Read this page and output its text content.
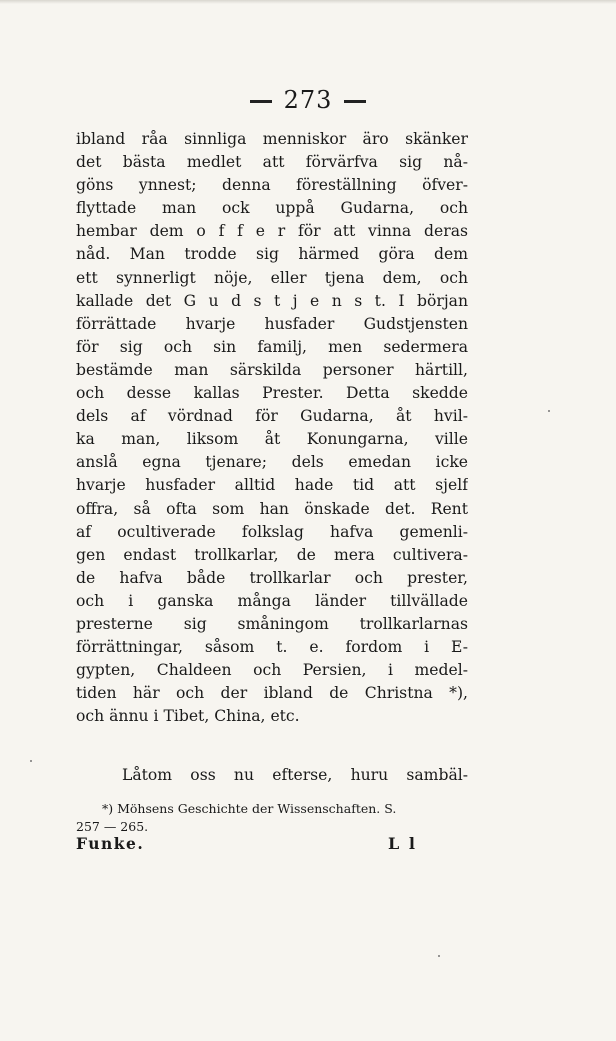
273
ibland råa sinnliga menniskor äro skänker
det bästa medlet att förvärfva sig nå-
göns ynnest; denna föreställning öfver-
flyttade man ock uppå Gudarna, och
hembar dem o f f e r för att vinna deras
nåd. Man trodde sig härmed göra dem
ett synnerligt nöje, eller tjena dem, och
kallade det G u d s t j e n s t. I början
förrättade hvarje husfader Gudstjensten
för sig och sin familj, men sedermera
bestämde man särskilda personer härtill,
och desse kallas Prester. Detta skedde
dels af vördnad för Gudarna, åt hvil-
ka man, liksom åt Konungarna, ville
anslå egna tjenare; dels emedan icke
hvarje husfader alltid hade tid att sjelf
offra, så ofta som han önskade det. Rent
af ocultiverade folkslag hafva gemenli-
gen endast trollkarlar, de mera cultivera-
de hafva både trollkarlar och prester,
och i ganska många länder tillvällade
presterne sig småningom trollkarlarnas
förrättningar, såsom t. e. fordom i E-
gypten, Chaldeen och Persien, i medel-
tiden här och der ibland de Christna *),
och ännu i Tibet, China, etc.
Låtom oss nu efterse, huru sambäl-
*) Möhsens Geschichte der Wissenschaften. S.
257 — 265.
Funke.	L l
